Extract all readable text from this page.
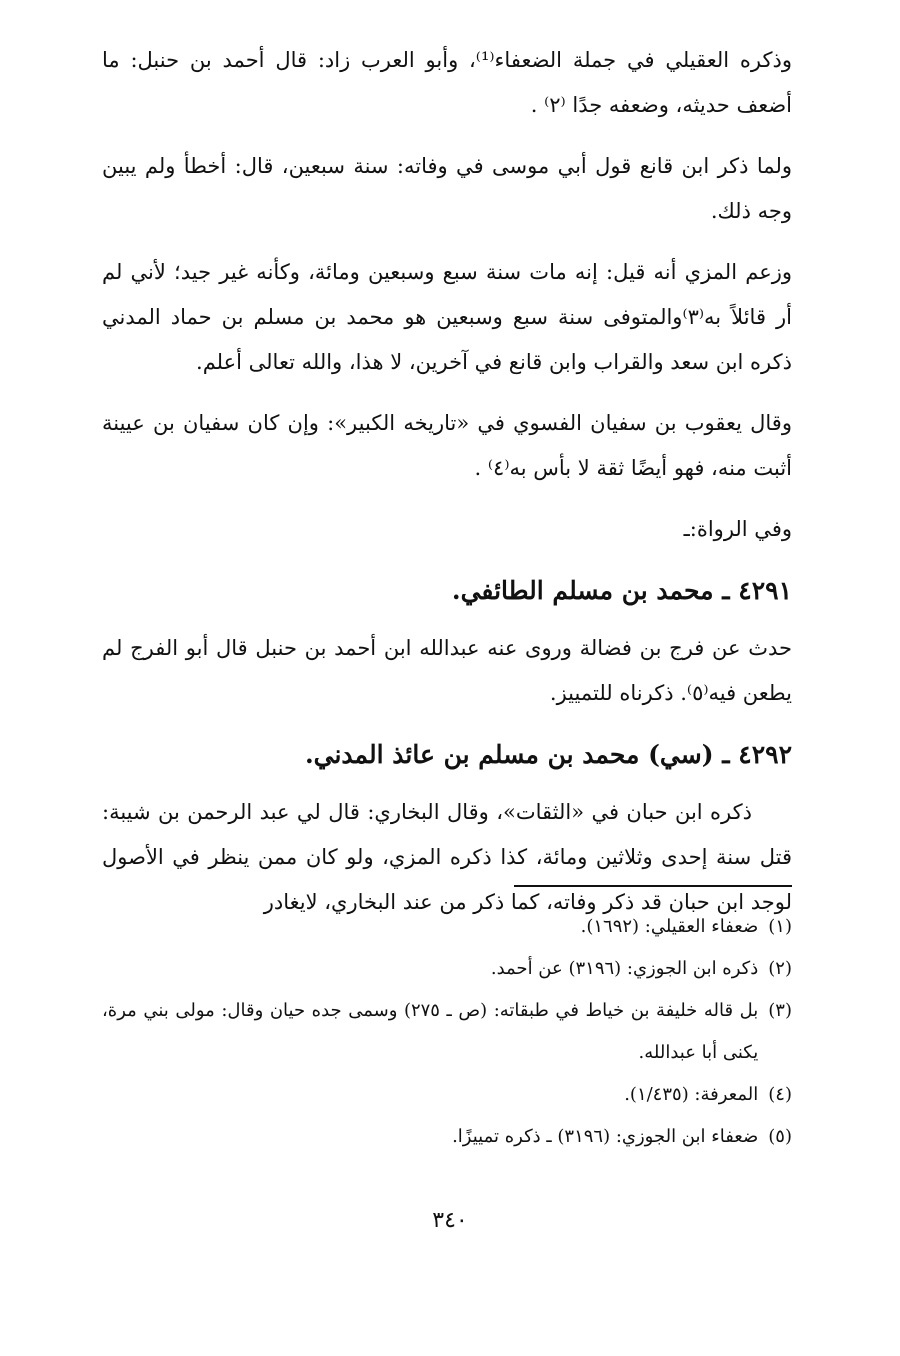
وذكره العقيلي في جملة الضعفاء⁽¹⁾، وأبو العرب زاد: قال أحمد بن حنبل: ما أضعف حديثه، وضعفه جدًا ⁽٢⁾ .

ولما ذكر ابن قانع قول أبي موسى في وفاته: سنة سبعين، قال: أخطأ ولم يبين وجه ذلك.

وزعم المزي أنه قيل: إنه مات سنة سبع وسبعين ومائة، وكأنه غير جيد؛ لأني لم أر قائلاً به⁽٣⁾والمتوفى سنة سبع وسبعين هو محمد بن مسلم بن حماد المدني ذكره ابن سعد والقراب وابن قانع في آخرين، لا هذا، والله تعالى أعلم.

وقال يعقوب بن سفيان الفسوي في «تاريخه الكبير»: وإن كان سفيان بن عيينة أثبت منه، فهو أيضًا ثقة لا بأس به⁽٤⁾ .

وفي الرواة:ـ

٤٢٩١ ـ محمد بن مسلم الطائفي.

حدث عن فرج بن فضالة وروى عنه عبدالله ابن أحمد بن حنبل قال أبو الفرج لم يطعن فيه⁽٥⁾. ذكرناه للتمييز.

٤٢٩٢ ـ (سي) محمد بن مسلم بن عائذ المدني.

ذكره ابن حبان في «الثقات»، وقال البخاري: قال لي عبد الرحمن بن شيبة: قتل سنة إحدى وثلاثين ومائة، كذا ذكره المزي، ولو كان ممن ينظر في الأصول لوجد ابن حبان قد ذكر وفاته، كما ذكر من عند البخاري، لايغادر

(١)
ضعفاء العقيلي: (١٦٩٢).
(٢)
ذكره ابن الجوزي: (٣١٩٦) عن أحمد.
(٣)
بل قاله خليفة بن خياط في طبقاته: (ص ـ ٢٧٥) وسمى جده حيان وقال: مولى بني مرة، يكنى أبا عبدالله.
(٤)
المعرفة: (١/٤٣٥).
(٥)
ضعفاء ابن الجوزي: (٣١٩٦) ـ ذكره تمييزًا.
٣٤٠
